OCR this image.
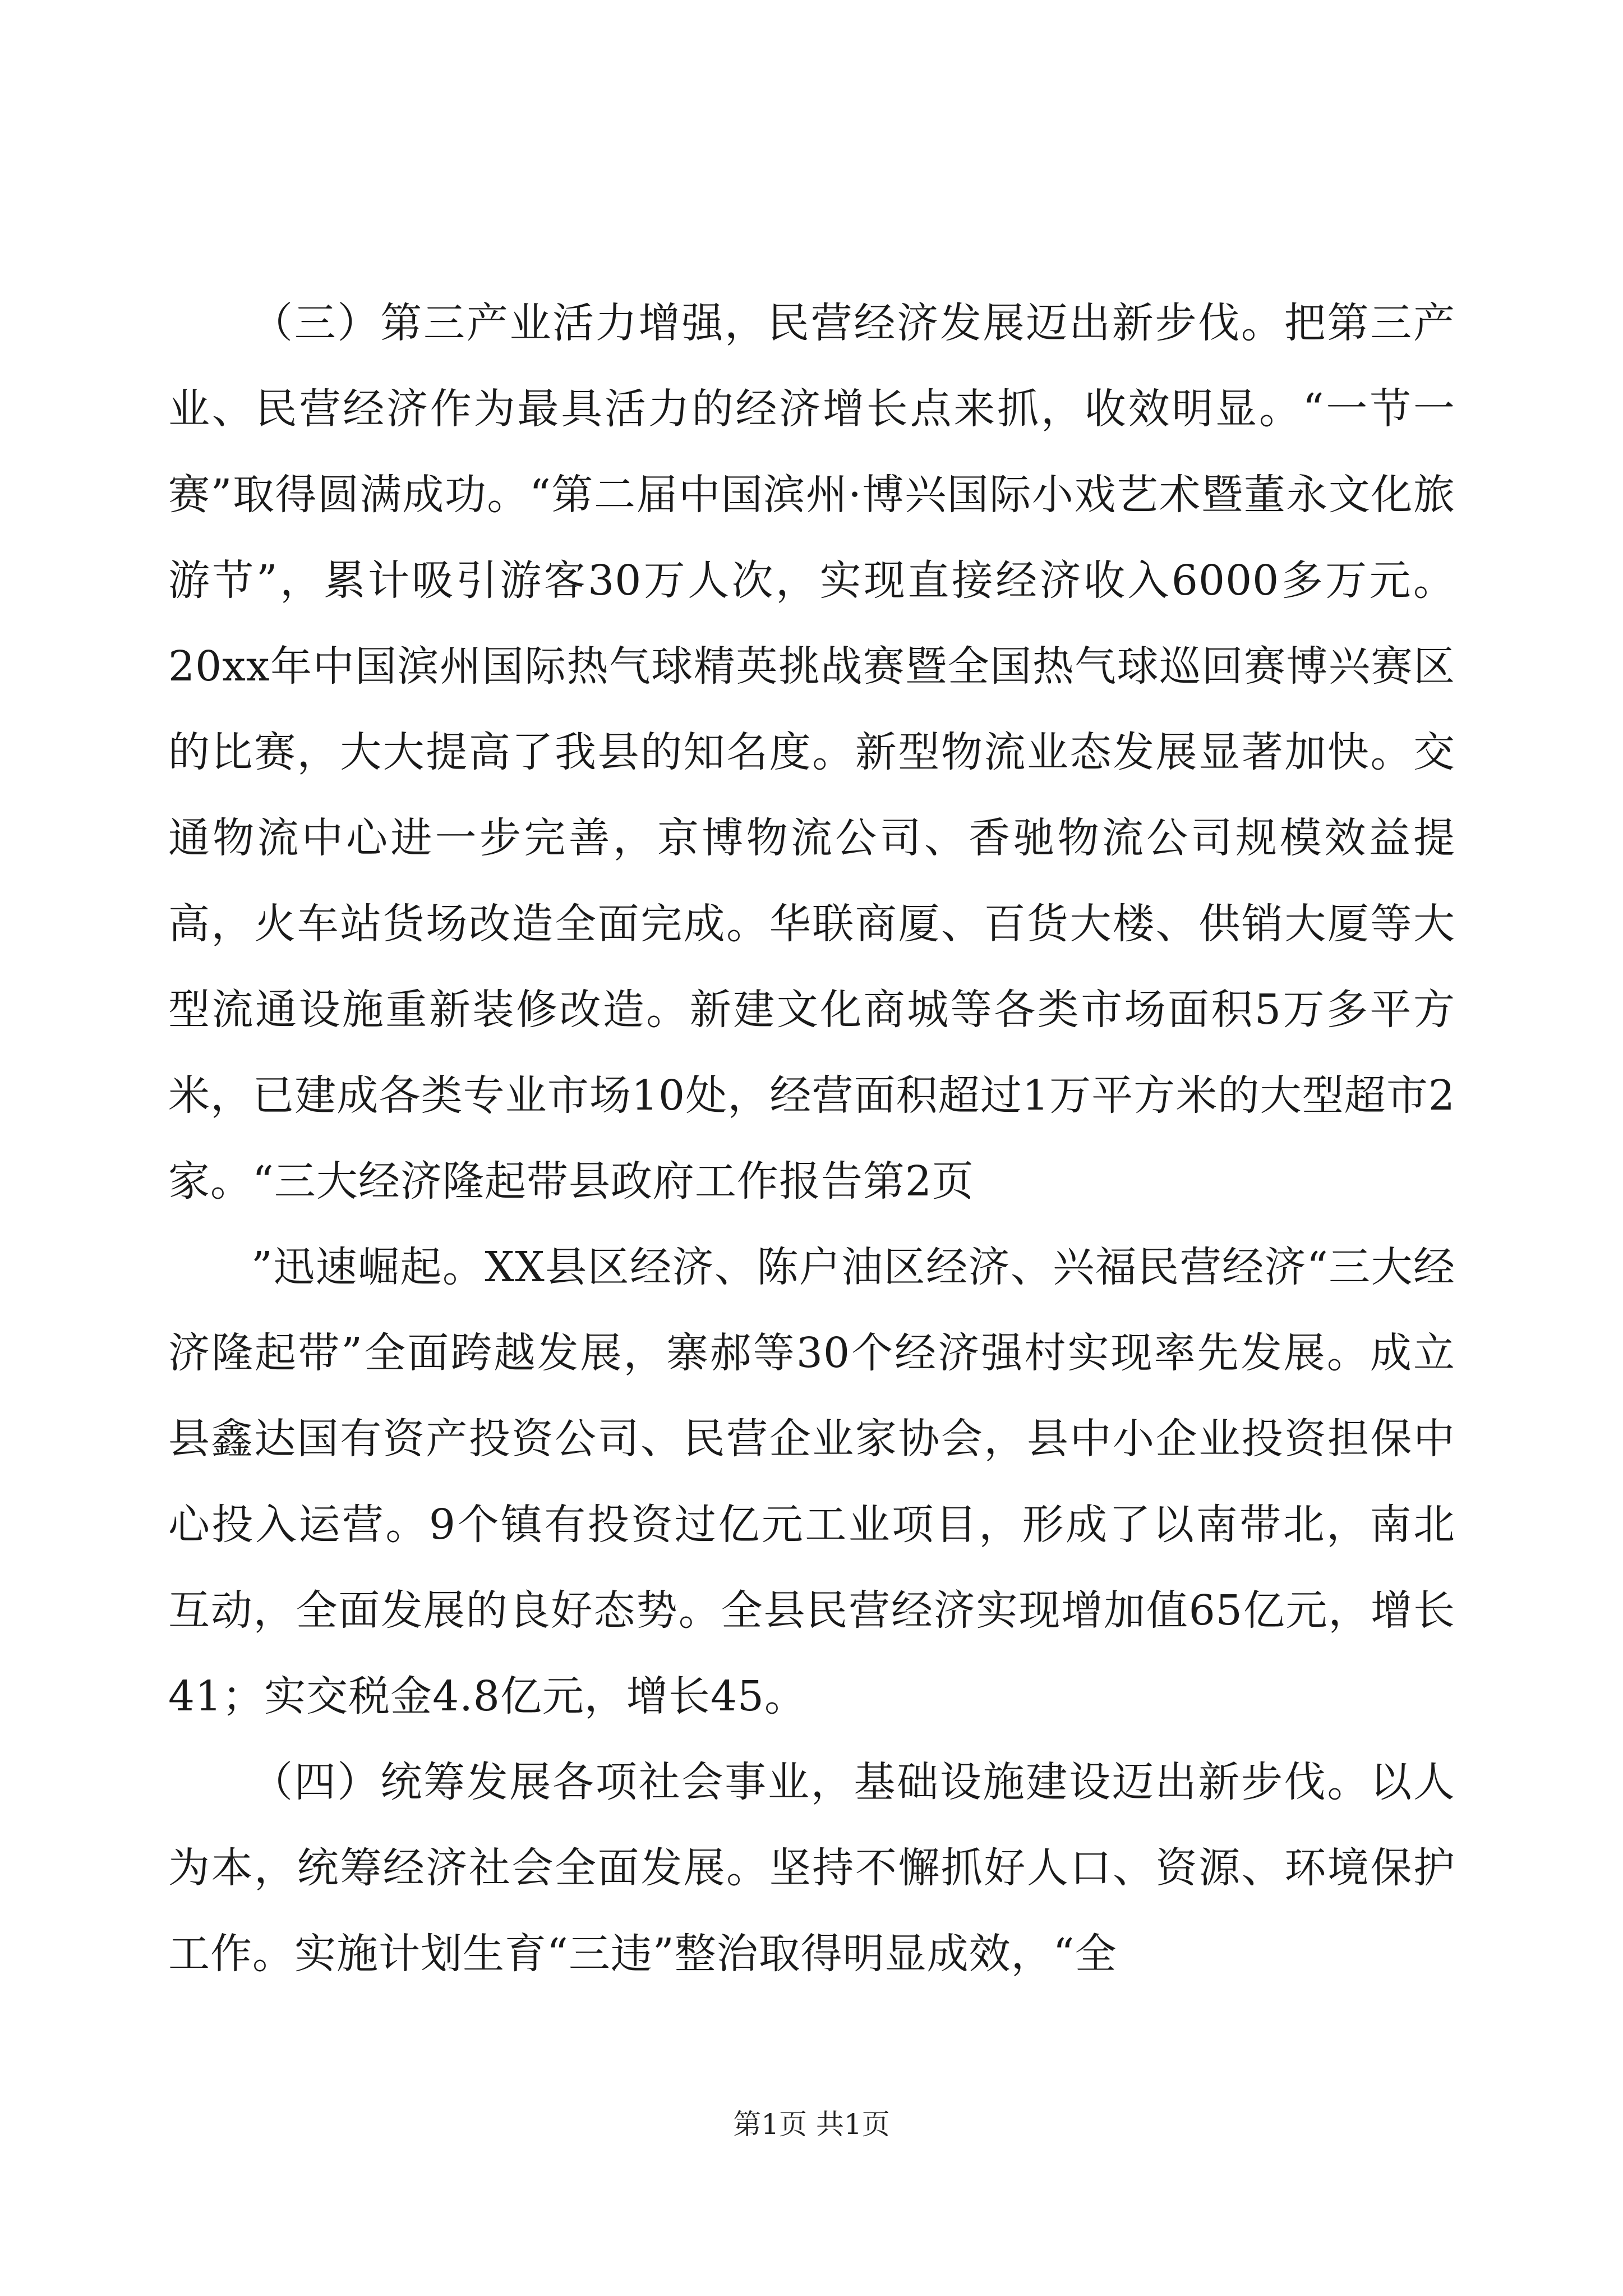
（三）第三产业活力增强，民营经济发展迈出新步伐。把第三产业、民营经济作为最具活力的经济增长点来抓，收效明显。“一节一赛”取得圆满成功。“第二届中国滨州·博兴国际小戏艺术暨董永文化旅游节”，累计吸引游客30万人次，实现直接经济收入6000多万元。20xx年中国滨州国际热气球精英挑战赛暨全国热气球巡回赛博兴赛区的比赛，大大提高了我县的知名度。新型物流业态发展显著加快。交通物流中心进一步完善，京博物流公司、香驰物流公司规模效益提高，火车站货场改造全面完成。华联商厦、百货大楼、供销大厦等大型流通设施重新装修改造。新建文化商城等各类市场面积5万多平方米，已建成各类专业市场10处，经营面积超过1万平方米的大型超市2家。“三大经济隆起带县政府工作报告第2页

”迅速崛起。XX县区经济、陈户油区经济、兴福民营经济“三大经济隆起带”全面跨越发展，寨郝等30个经济强村实现率先发展。成立县鑫达国有资产投资公司、民营企业家协会，县中小企业投资担保中心投入运营。9个镇有投资过亿元工业项目，形成了以南带北，南北互动，全面发展的良好态势。全县民营经济实现增加值65亿元，增长41；实交税金4.8亿元，增长45。

（四）统筹发展各项社会事业，基础设施建设迈出新步伐。以人为本，统筹经济社会全面发展。坚持不懈抓好人口、资源、环境保护工作。实施计划生育“三违”整治取得明显成效，“全

第1页 共1页
